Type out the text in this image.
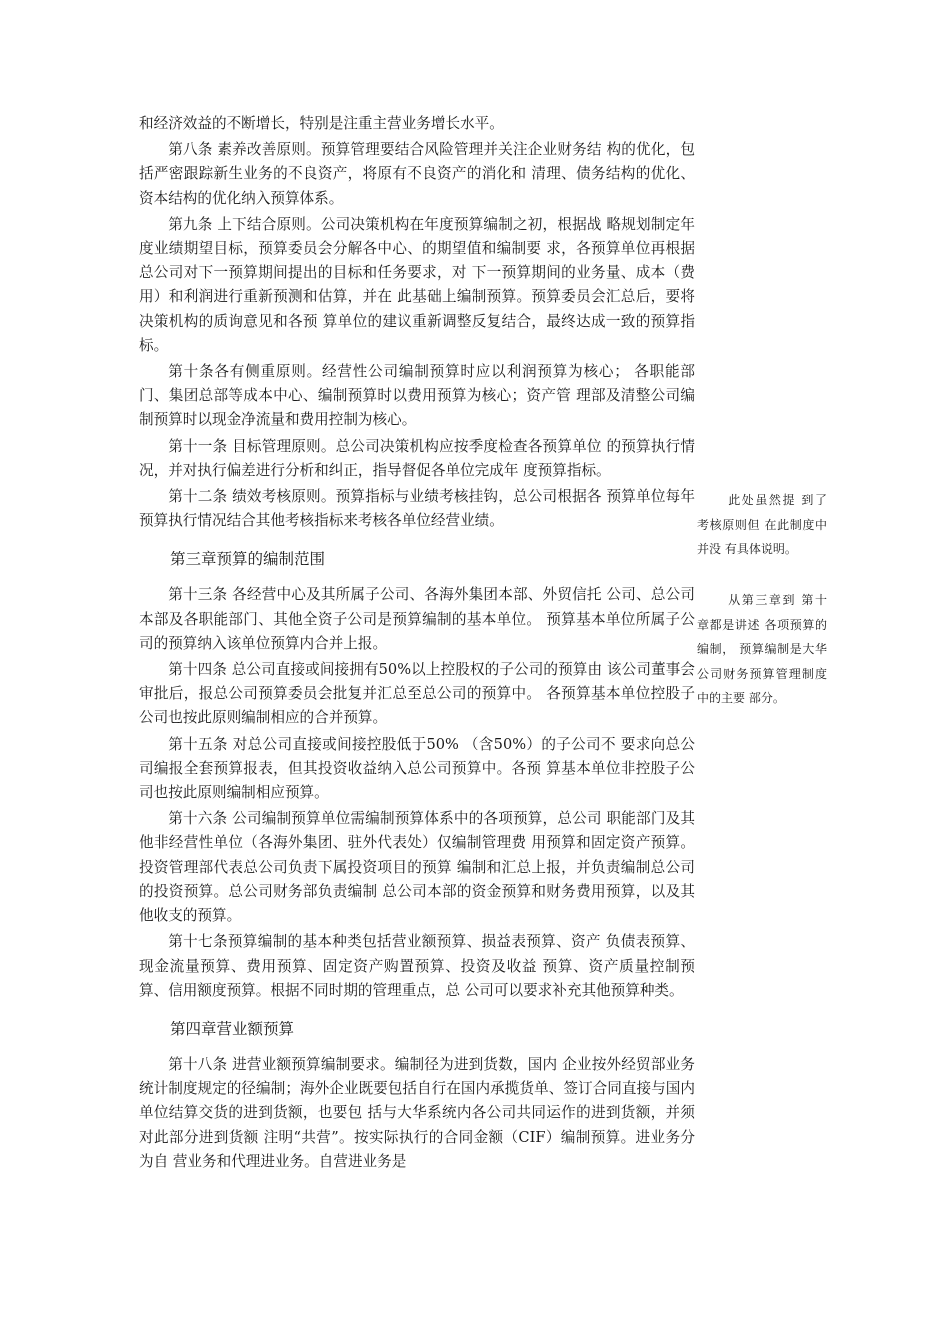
和经济效益的不断增长，特别是注重主营业务增长水平。

第八条 素养改善原则。预算管理要结合风险管理并关注企业财务结 构的优化，包括严密跟踪新生业务的不良资产，将原有不良资产的消化和 清理、债务结构的优化、资本结构的优化纳入预算体系。

第九条 上下结合原则。公司决策机构在年度预算编制之初，根据战 略规划制定年度业绩期望目标，预算委员会分解各中心、的期望值和编制要 求，各预算单位再根据总公司对下一预算期间提出的目标和任务要求，对 下一预算期间的业务量、成本（费用）和利润进行重新预测和估算，并在 此基础上编制预算。预算委员会汇总后，要将决策机构的质询意见和各预 算单位的建议重新调整反复结合，最终达成一致的预算指标。

第十条各有侧重原则。经营性公司编制预算时应以利润预算为核心； 各职能部门、集团总部等成本中心、编制预算时以费用预算为核心；资产管 理部及清整公司编制预算时以现金净流量和费用控制为核心。

第十一条 目标管理原则。总公司决策机构应按季度检查各预算单位 的预算执行情况，并对执行偏差进行分析和纠正，指导督促各单位完成年 度预算指标。

第十二条 绩效考核原则。预算指标与业绩考核挂钩，总公司根据各 预算单位每年预算执行情况结合其他考核指标来考核各单位经营业绩。

第三章预算的编制范围

第十三条 各经营中心及其所属子公司、各海外集团本部、外贸信托 公司、总公司本部及各职能部门、其他全资子公司是预算编制的基本单位。 预算基本单位所属子公司的预算纳入该单位预算内合并上报。

第十四条 总公司直接或间接拥有50%以上控股权的子公司的预算由 该公司董事会审批后，报总公司预算委员会批复并汇总至总公司的预算中。 各预算基本单位控股子公司也按此原则编制相应的合并预算。

第十五条 对总公司直接或间接控股低于50% （含50%）的子公司不 要求向总公司编报全套预算报表，但其投资收益纳入总公司预算中。各预 算基本单位非控股子公司也按此原则编制相应预算。

第十六条 公司编制预算单位需编制预算体系中的各项预算，总公司 职能部门及其他非经营性单位（各海外集团、驻外代表处）仅编制管理费 用预算和固定资产预算。投资管理部代表总公司负责下属投资项目的预算 编制和汇总上报，并负责编制总公司的投资预算。总公司财务部负责编制 总公司本部的资金预算和财务费用预算，以及其他收支的预算。

第十七条预算编制的基本种类包括营业额预算、损益表预算、资产 负债表预算、现金流量预算、费用预算、固定资产购置预算、投资及收益 预算、资产质量控制预算、信用额度预算。根据不同时期的管理重点，总 公司可以要求补充其他预算种类。

第四章营业额预算

第十八条 进营业额预算编制要求。编制径为进到货数，国内 企业按外经贸部业务统计制度规定的径编制；海外企业既要包括自行在国内承揽货单、签订合同直接与国内单位结算交货的进到货额，也要包 括与大华系统内各公司共同运作的进到货额，并须对此部分进到货额 注明“共营”。按实际执行的合同金额（CIF）编制预算。进业务分为自 营业务和代理进业务。自营进业务是

此处虽然提 到了考核原则但 在此制度中并没 有具体说明。

从第三章到 第十章都是讲述 各项预算的编制， 预算编制是大华 公司财务预算管理制度中的主要 部分。
